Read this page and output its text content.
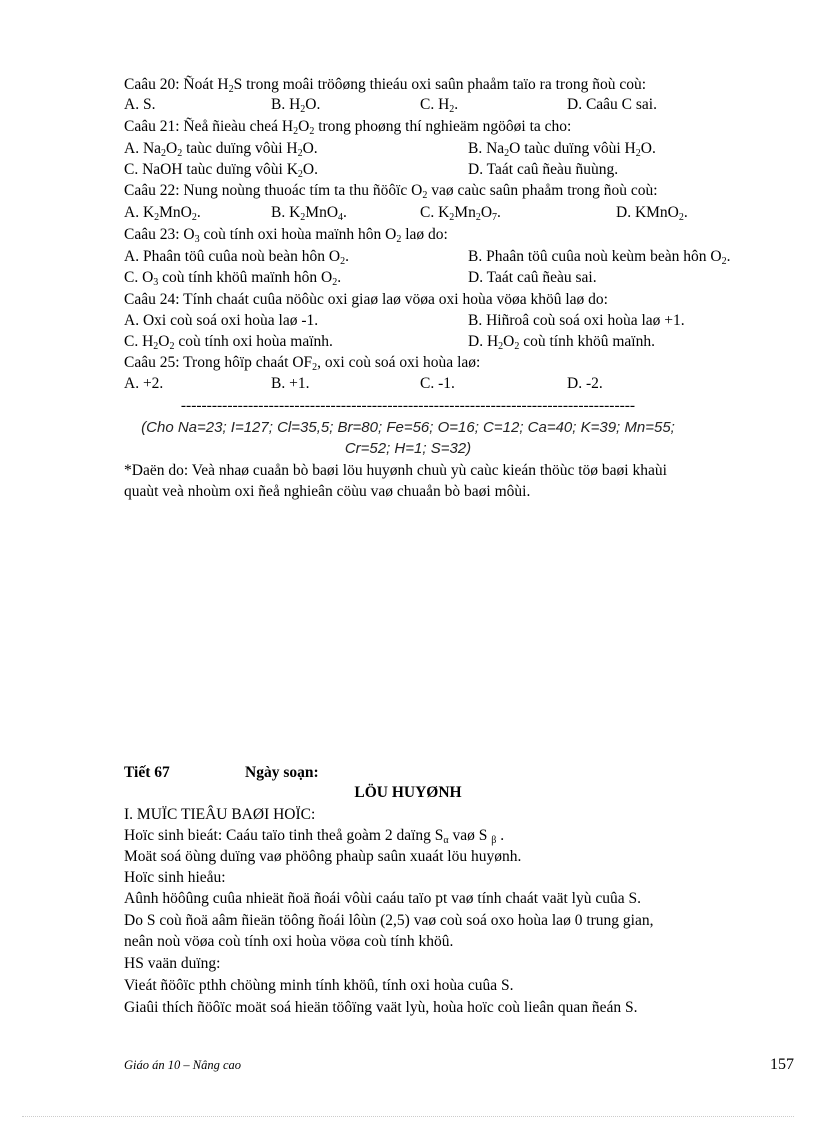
Caâu 20: Ñoát $H_2S$ trong moâi tröôøng thieáu oxi saûn phaåm taïo ra trong ñoù coù:
A. S.	B. $H_2O$.	C. $H_2$.	D. Caâu C sai.
Caâu 21: Ñeå ñieàu cheá $H_2O_2$ trong phoøng thí nghieäm ngöôøi ta cho:
A. $Na_2O_2$ taùc duïng vôùi $H_2O$.	B. $Na_2O$ taùc duïng vôùi $H_2O$.
C. NaOH taùc duïng vôùi $K_2O$.	D. Taát caû ñeàu ñuùng.
Caâu 22: Nung noùng thuoác tím ta thu ñöôïc $O_2$ vaø caùc saûn phaåm trong ñoù coù:
A. $K_2MnO_2$.	B. $K_2MnO_4$.	C. $K_2Mn_2O_7$.	D. KMnO$_2$.
Caâu 23: $O_3$ coù tính oxi hoùa maïnh hôn $O_2$ laø do:
A. Phaân töû cuûa noù beàn hôn $O_2$.	B. Phaân töû cuûa noù keùm beàn hôn $O_2$.
C. $O_3$ coù tính khöû maïnh hôn $O_2$.	D. Taát caû ñeàu sai.
Caâu 24: Tính chaát cuûa nöôùc oxi giaø laø vöøa oxi hoùa vöøa khöû laø do:
A. Oxi coù soá oxi hoùa laø -1.	B. Hiñroâ coù soá oxi hoùa laø +1.
C. $H_2O_2$ coù tính oxi hoùa maïnh.	D. $H_2O_2$ coù tính khöû maïnh.
Caâu 25: Trong hôïp chaát $OF_2$, oxi coù soá oxi hoùa laø:
A. +2.	B. +1.	C. -1.	D. -2.
----------------------------------------------------------------------------------------
(Cho Na=23; I=127; Cl=35,5; Br=80; Fe=56; O=16; C=12; Ca=40; K=39; Mn=55;
Cr=52; H=1; S=32)
*Daën do: Veà nhaø cuaån bò baøi löu huyønh chuù yù caùc kieán thöùc töø baøi khaùi
quaùt veà nhoùm oxi ñeå nghieân cöùu vaø chuaån bò baøi môùi.
Tiết 67	Ngày soạn:
LÖU HUYØNH
I. MUÏC TIEÂU BAØI HOÏC:
Hoïc sinh bieát: Caáu taïo tinh theå goàm 2 daïng $S_\alpha$ vaø S $_\beta$ .
Moät soá öùng duïng vaø phöông phaùp saûn xuaát löu huyønh.
Hoïc sinh hieåu:
Aûnh höôûng cuûa nhieät ñoä ñoái vôùi caáu taïo pt vaø tính chaát vaät lyù cuûa S.
Do S coù ñoä aâm ñieän töông ñoái lôùn (2,5) vaø coù soá oxo hoùa laø 0 trung gian,
neân noù vöøa coù tính oxi hoùa vöøa coù tính khöû.
HS vaän duïng:
Vieát ñöôïc pthh chöùng minh tính khöû, tính oxi hoùa cuûa S.
Giaûi thích ñöôïc moät soá hieän töôïng vaät lyù, hoùa hoïc coù lieân quan ñeán S.
Giáo án 10 – Nâng cao	157
